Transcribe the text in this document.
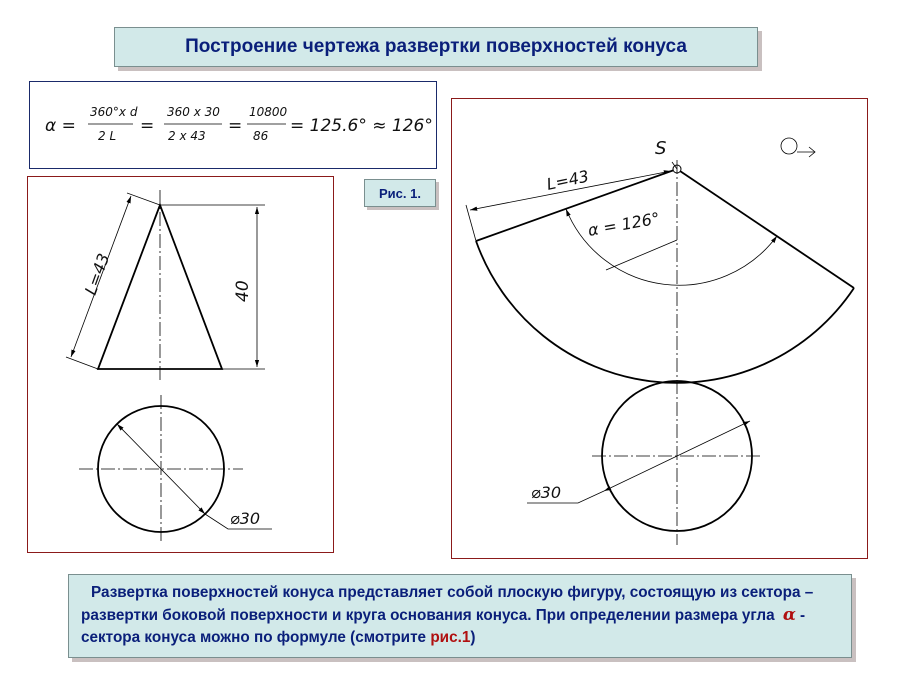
Построение чертежа развертки поверхностей конуса
Рис. 1.
α =
360°x d
2 L =
360 x 30
2 x 43 =
10800
86 = 125.6° ≈ 126°
40
L=43
⌀30
S
L=43
α = 126°
⌀30

Развертка поверхностей конуса представляет собой плоскую фигуру, состоящую из сектора – развертки боковой поверхности и круга основания конуса. При определении размера угла α - сектора конуса можно по формуле (смотрите рис.1)
